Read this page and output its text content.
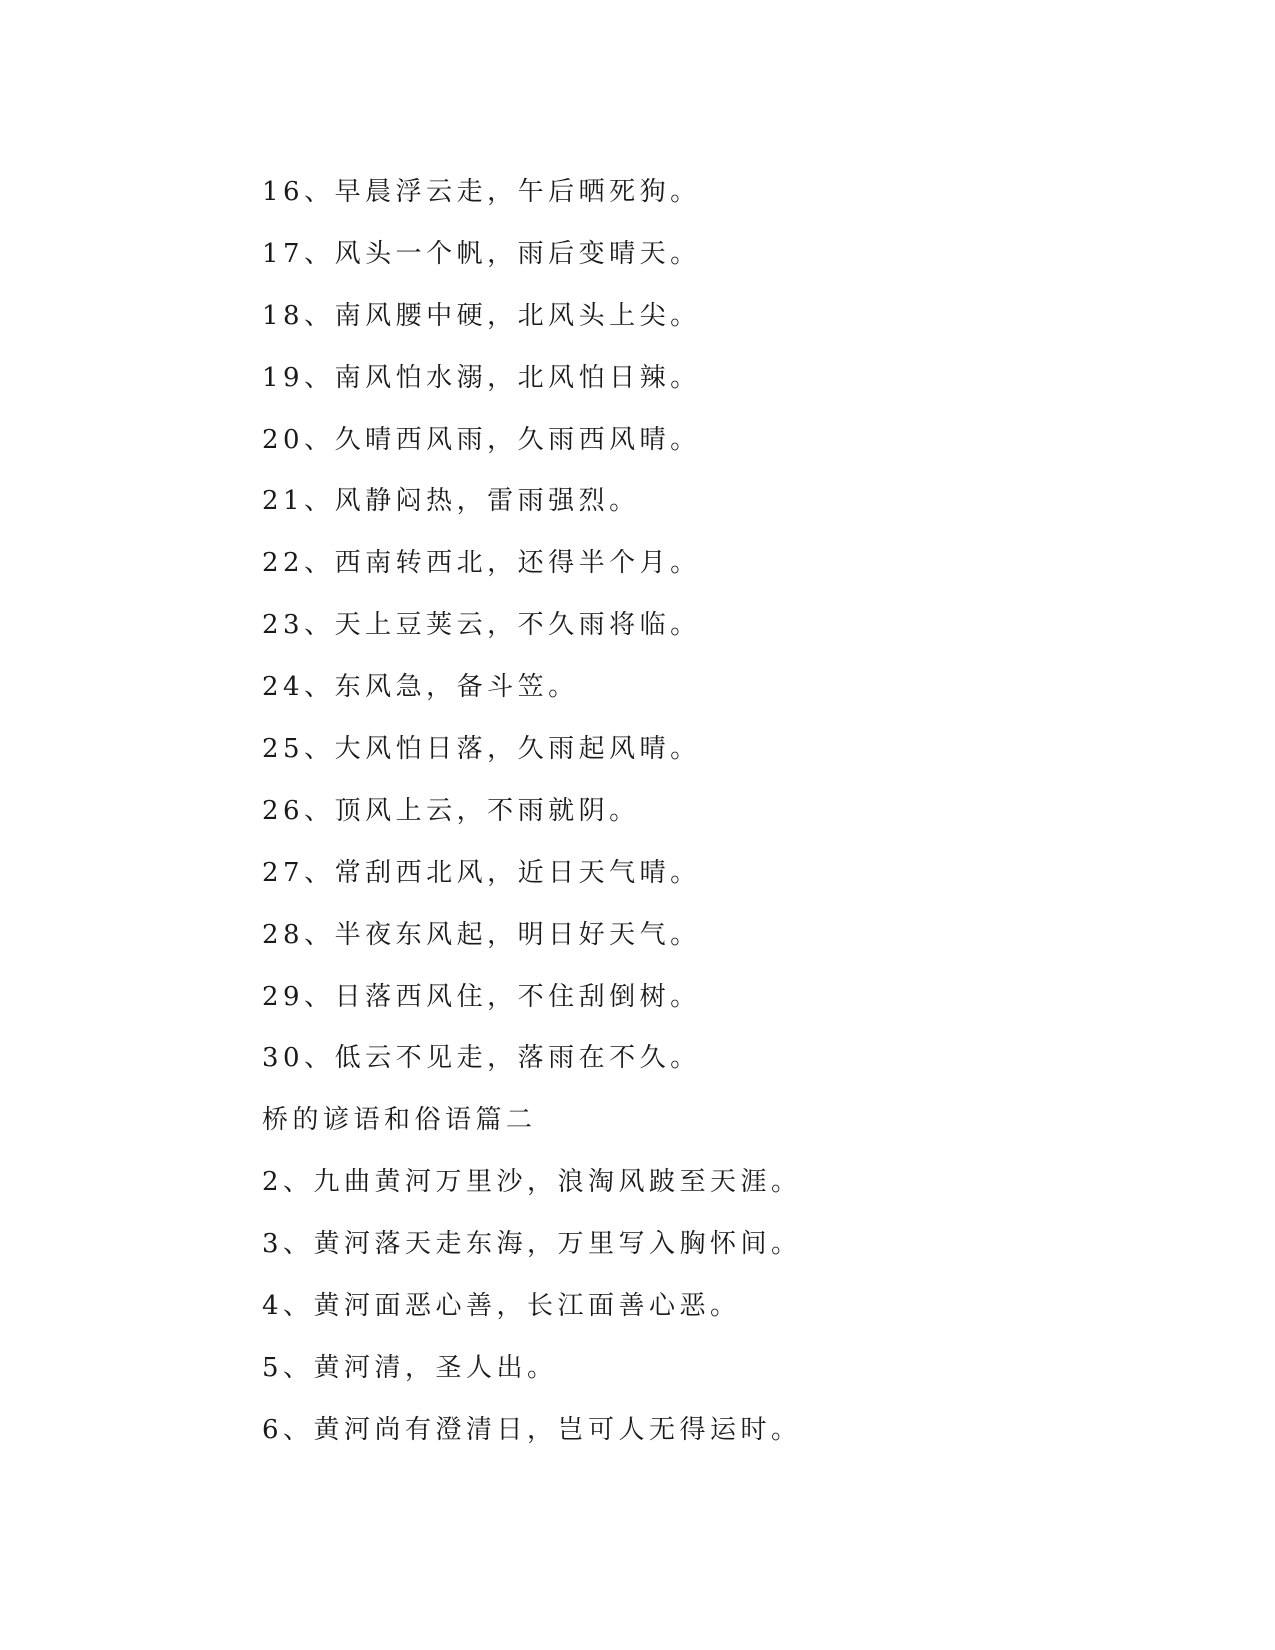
16、早晨浮云走，午后晒死狗。
17、风头一个帆，雨后变晴天。
18、南风腰中硬，北风头上尖。
19、南风怕水溺，北风怕日辣。
20、久晴西风雨，久雨西风晴。
21、风静闷热，雷雨强烈。
22、西南转西北，还得半个月。
23、天上豆荚云，不久雨将临。
24、东风急，备斗笠。
25、大风怕日落，久雨起风晴。
26、顶风上云，不雨就阴。
27、常刮西北风，近日天气晴。
28、半夜东风起，明日好天气。
29、日落西风住，不住刮倒树。
30、低云不见走，落雨在不久。
桥的谚语和俗语篇二
2、九曲黄河万里沙，浪淘风跛至天涯。
3、黄河落天走东海，万里写入胸怀间。
4、黄河面恶心善，长江面善心恶。
5、黄河清，圣人出。
6、黄河尚有澄清日，岂可人无得运时。
